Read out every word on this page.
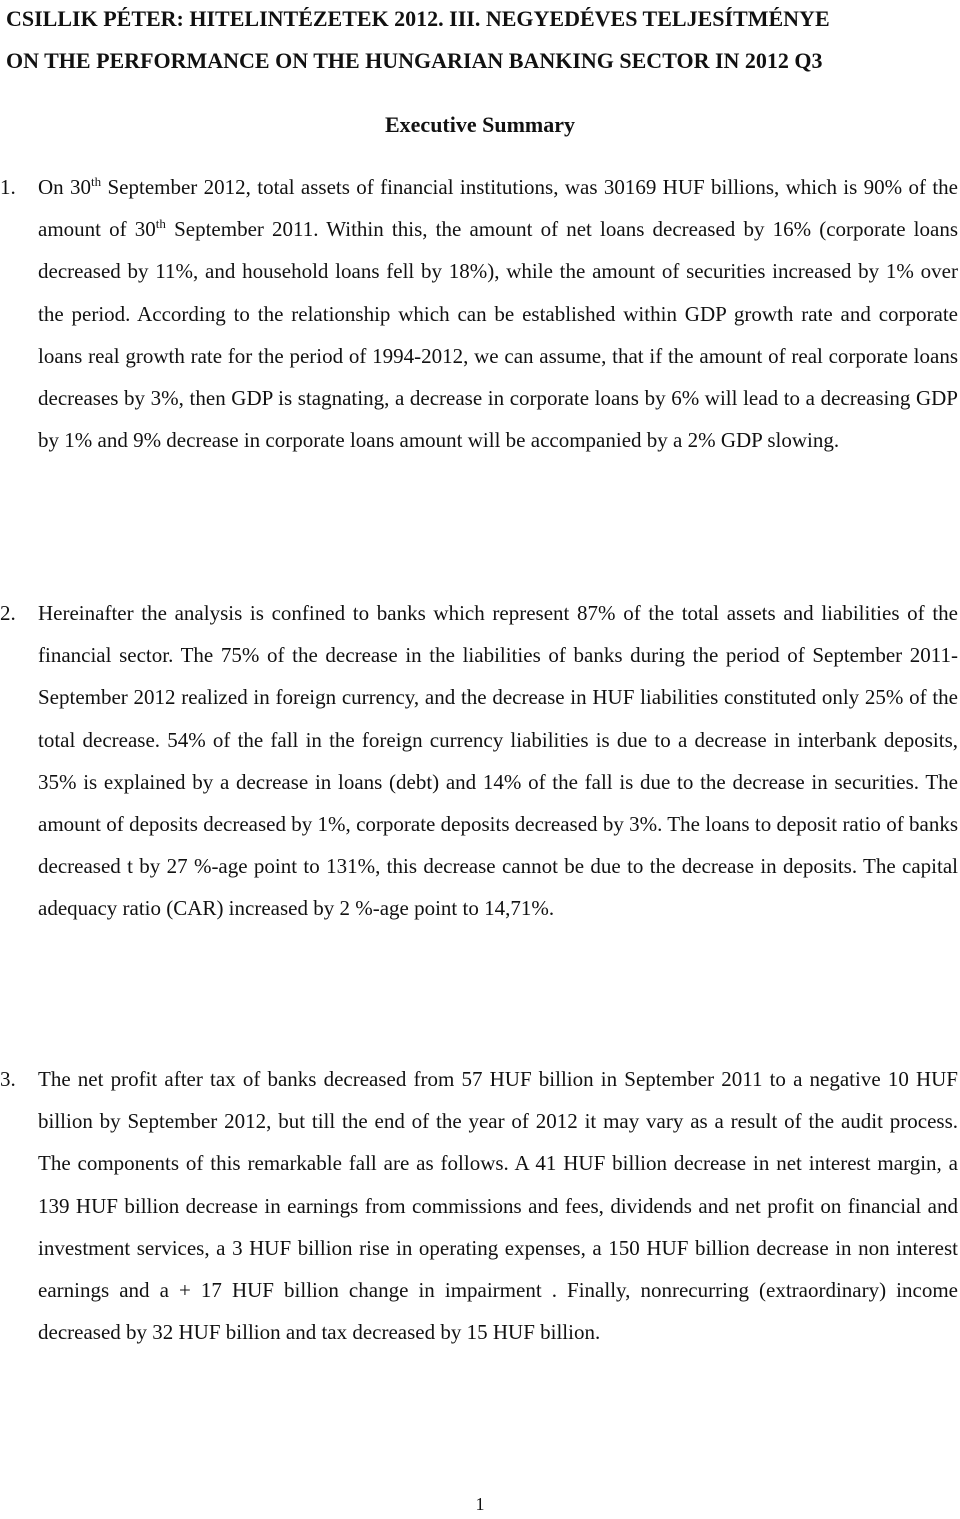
CSILLIK PÉTER: HITELINTÉZETEK 2012. III. NEGYEDÉVES TELJESÍTMÉNYE
ON THE PERFORMANCE ON THE HUNGARIAN BANKING SECTOR IN 2012 Q3
Executive Summary
1. On 30th September 2012, total assets of financial institutions, was 30169 HUF billions, which is 90% of the amount of 30th September 2011. Within this, the amount of net loans decreased by 16% (corporate loans decreased by 11%, and household loans fell by 18%), while the amount of securities increased by 1% over the period. According to the relationship which can be established within GDP growth rate and corporate loans real growth rate for the period of 1994-2012, we can assume, that if the amount of real corporate loans decreases by 3%, then GDP is stagnating, a decrease in corporate loans by 6% will lead to a decreasing GDP by 1% and 9% decrease in corporate loans amount will be accompanied by a 2% GDP slowing.
2. Hereinafter the analysis is confined to banks which represent 87% of the total assets and liabilities of the financial sector. The 75% of the decrease in the liabilities of banks during the period of September 2011- September 2012 realized in foreign currency, and the decrease in HUF liabilities constituted only 25% of the total decrease. 54% of the fall in the foreign currency liabilities is due to a decrease in interbank deposits, 35% is explained by a decrease in loans (debt) and 14% of the fall is due to the decrease in securities. The amount of deposits decreased by 1%, corporate deposits decreased by 3%. The loans to deposit ratio of banks decreased t by 27 %-age point to 131%, this decrease cannot be due to the decrease in deposits. The capital adequacy ratio (CAR) increased by 2 %-age point to 14,71%.
3. The net profit after tax of banks decreased from 57 HUF billion in September 2011 to a negative 10 HUF billion by September 2012, but till the end of the year of 2012 it may vary as a result of the audit process. The components of this remarkable fall are as follows. A 41 HUF billion decrease in net interest margin, a 139 HUF billion decrease in earnings from commissions and fees, dividends and net profit on financial and investment services, a 3 HUF billion rise in operating expenses, a 150 HUF billion decrease in non interest earnings and a + 17 HUF billion change in impairment . Finally, nonrecurring (extraordinary) income decreased by 32 HUF billion and tax decreased by 15 HUF billion.
1
